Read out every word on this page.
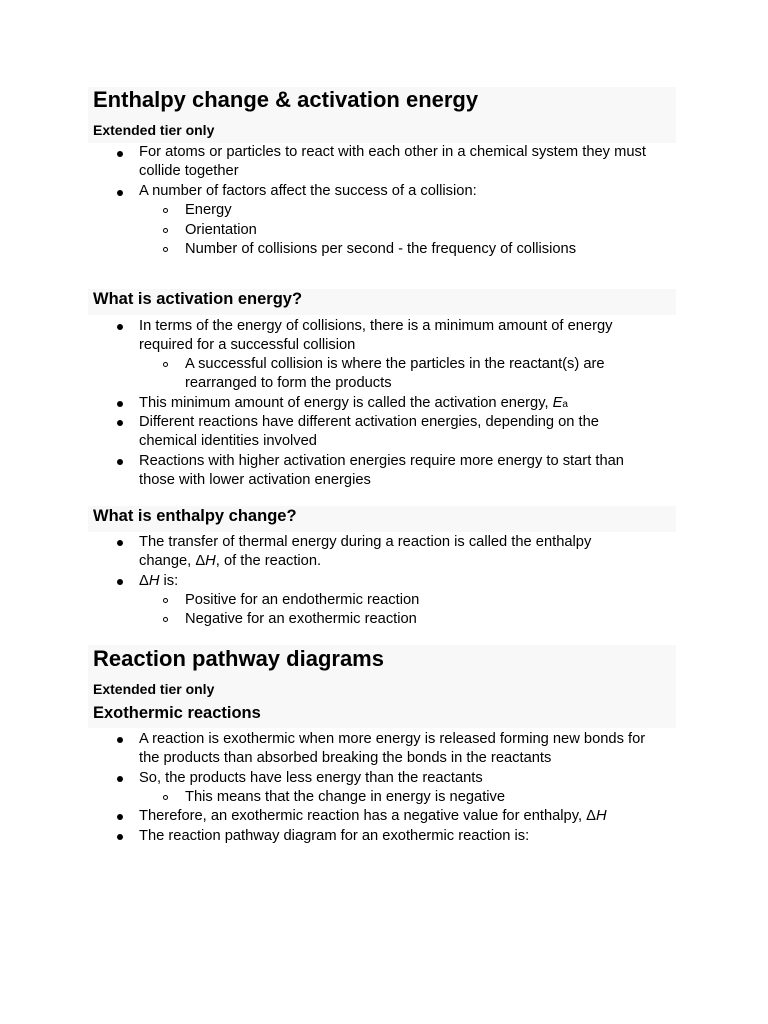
Enthalpy change & activation energy
Extended tier only
For atoms or particles to react with each other in a chemical system they must
collide together
A number of factors affect the success of a collision:
Energy
Orientation
Number of collisions per second - the frequency of collisions
What is activation energy?
In terms of the energy of collisions, there is a minimum amount of energy
required for a successful collision
A successful collision is where the particles in the reactant(s) are
rearranged to form the products
This minimum amount of energy is called the activation energy, Ea
Different reactions have different activation energies, depending on the
chemical identities involved
Reactions with higher activation energies require more energy to start than
those with lower activation energies
What is enthalpy change?
The transfer of thermal energy during a reaction is called the enthalpy
change, ΔH, of the reaction.
ΔH is:
Positive for an endothermic reaction
Negative for an exothermic reaction
Reaction pathway diagrams
Extended tier only
Exothermic reactions
A reaction is exothermic when more energy is released forming new bonds for
the products than absorbed breaking the bonds in the reactants
So, the products have less energy than the reactants
This means that the change in energy is negative
Therefore, an exothermic reaction has a negative value for enthalpy, ΔH
The reaction pathway diagram for an exothermic reaction is:
